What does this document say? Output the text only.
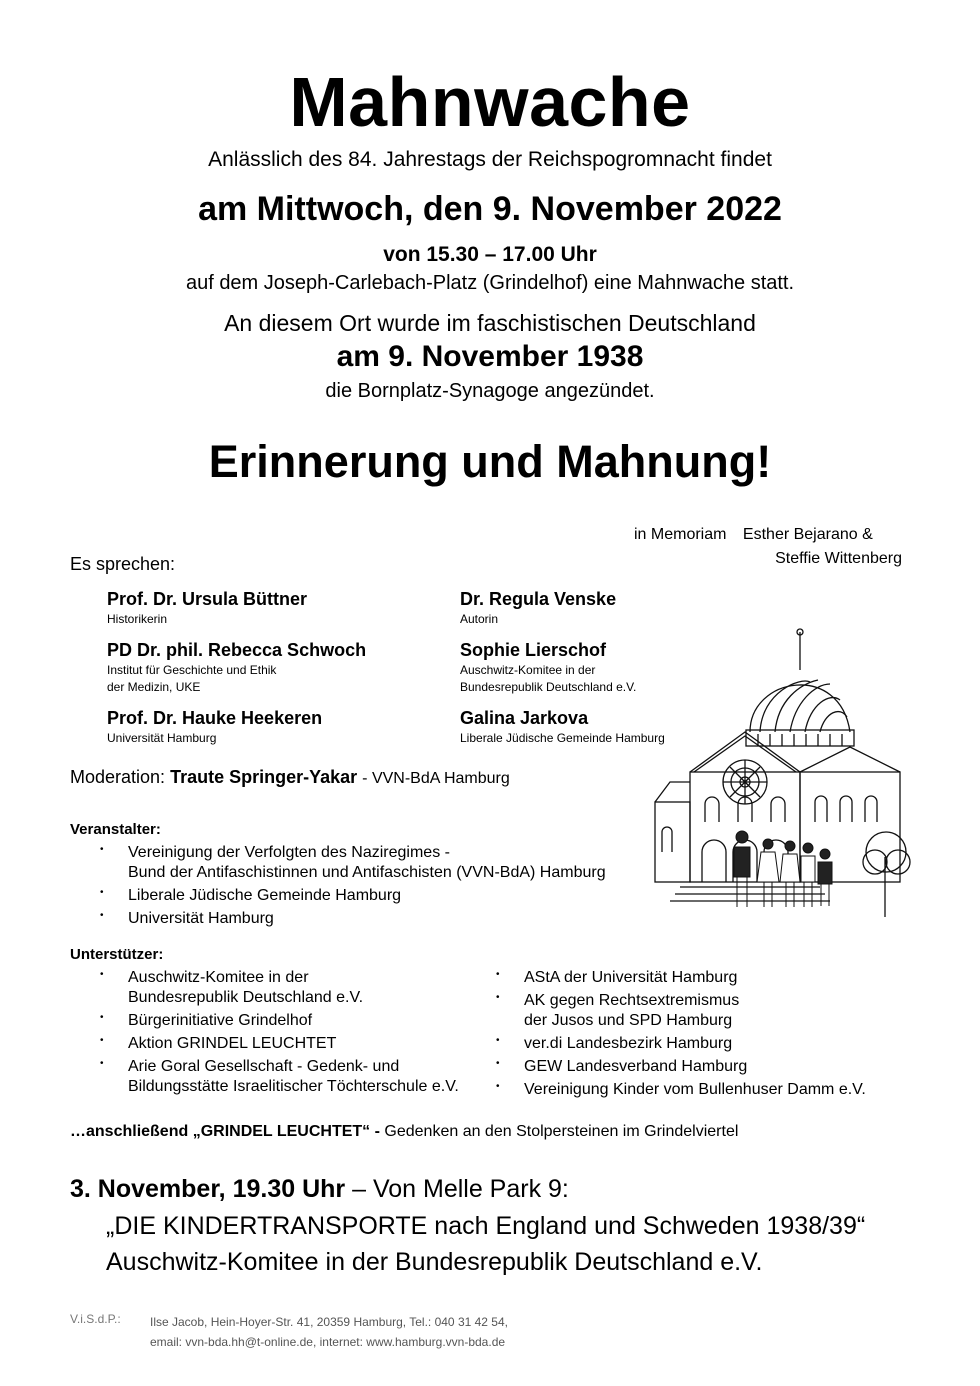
Mahnwache
Anlässlich des 84. Jahrestags der Reichspogromnacht findet
am Mittwoch, den 9. November 2022
von 15.30 – 17.00 Uhr
auf dem Joseph-Carlebach-Platz (Grindelhof) eine Mahnwache statt.
An diesem Ort wurde im faschistischen Deutschland
am 9. November 1938
die Bornplatz-Synagoge angezündet.
Erinnerung und Mahnung!
in Memoriam Esther Bejarano &
Steffie Wittenberg
Es sprechen:
Prof. Dr. Ursula Büttner
Historikerin
Dr. Regula Venske
Autorin
PD Dr. phil. Rebecca Schwoch
Institut für Geschichte und Ethik
der Medizin, UKE
Sophie Lierschof
Auschwitz-Komitee in der
Bundesrepublik Deutschland e.V.
Prof. Dr. Hauke Heekeren
Universität Hamburg
Galina Jarkova
Liberale Jüdische Gemeinde Hamburg
Moderation: Traute Springer-Yakar - VVN-BdA Hamburg
Veranstalter:
• Vereinigung der Verfolgten des Naziregimes -
Bund der Antifaschistinnen und Antifaschisten (VVN-BdA) Hamburg
• Liberale Jüdische Gemeinde Hamburg
• Universität Hamburg
Unterstützer:
• Auschwitz-Komitee in der
Bundesrepublik Deutschland e.V.
• Bürgerinitiative Grindelhof
• Aktion GRINDEL LEUCHTET
• Arie Goral Gesellschaft - Gedenk- und
Bildungsstätte Israelitischer Töchterschule e.V.
• AStA der Universität Hamburg
• AK gegen Rechtsextremismus
der Jusos und SPD Hamburg
• ver.di Landesbezirk Hamburg
• GEW Landesverband Hamburg
• Vereinigung Kinder vom Bullenhuser Damm e.V.
…anschließend „GRINDEL LEUCHTET“ - Gedenken an den Stolpersteinen im Grindelviertel
3. November, 19.30 Uhr – Von Melle Park 9:
„DIE KINDERTRANSPORTE nach England und Schweden 1938/39“
Auschwitz-Komitee in der Bundesrepublik Deutschland e.V.
V.i.S.d.P.: Ilse Jacob, Hein-Hoyer-Str. 41, 20359 Hamburg, Tel.: 040 31 42 54,
email: vvn-bda.hh@t-online.de, internet: www.hamburg.vvn-bda.de
